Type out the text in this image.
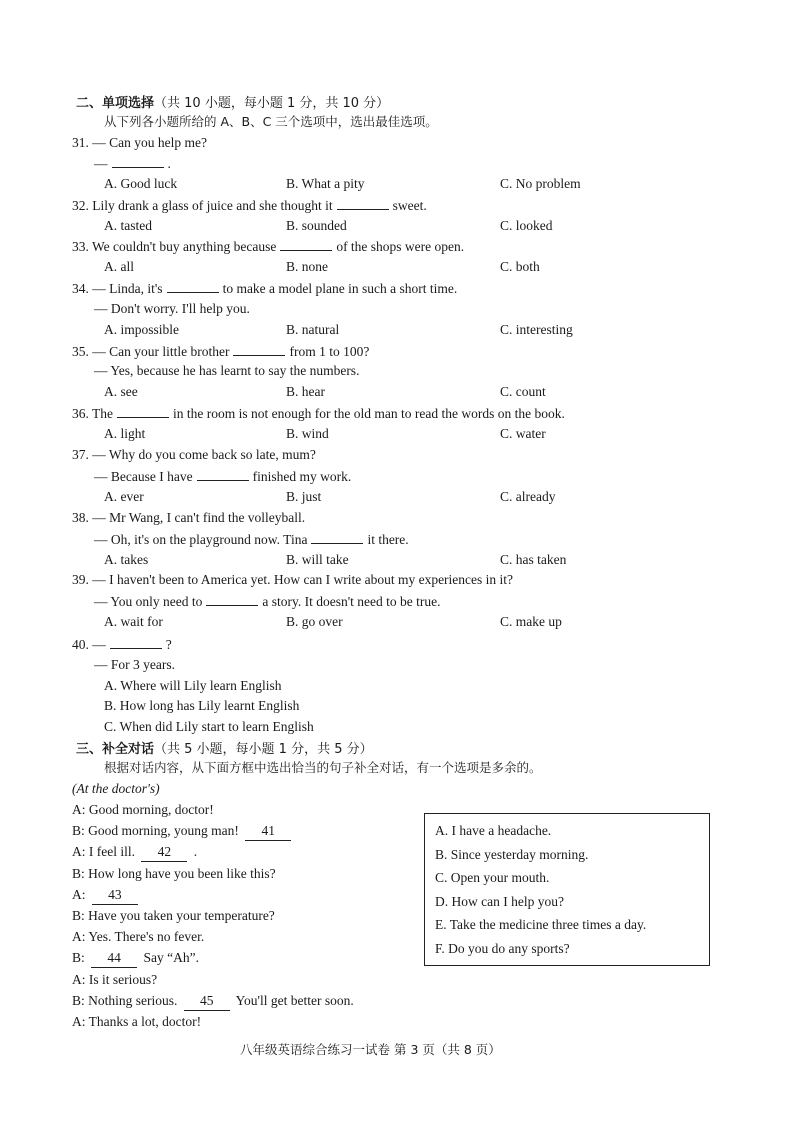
二、单项选择（共 10 小题，每小题 1 分，共 10 分）
从下列各小题所给的 A、B、C 三个选项中，选出最佳选项。
31. — Can you help me?
—	.
A. Good luck	B. What a pity	C. No problem
32. Lily drank a glass of juice and she thought it	sweet.
A. tasted	B. sounded	C. looked
33. We couldn't buy anything because	of the shops were open.
A. all	B. none	C. both
34. — Linda, it's	to make a model plane in such a short time.
— Don't worry. I'll help you.
A. impossible	B. natural	C. interesting
35. — Can your little brother	from 1 to 100?
— Yes, because he has learnt to say the numbers.
A. see	B. hear	C. count
36. The	in the room is not enough for the old man to read the words on the book.
A. light	B. wind	C. water
37. — Why do you come back so late, mum?
— Because I have	finished my work.
A. ever	B. just	C. already
38. — Mr Wang, I can't find the volleyball.
— Oh, it's on the playground now. Tina	it there.
A. takes	B. will take	C. has taken
39. — I haven't been to America yet. How can I write about my experiences in it?
— You only need to	a story. It doesn't need to be true.
A. wait for	B. go over	C. make up
40. —	?
— For 3 years.
A. Where will Lily learn English
B. How long has Lily learnt English
C. When did Lily start to learn English
三、补全对话（共 5 小题，每小题 1 分，共 5 分）
根据对话内容，从下面方框中选出恰当的句子补全对话，有一个选项是多余的。
(At the doctor's)
A: Good morning, doctor!
B: Good morning, young man! 41
A: I feel ill. 42 .
B: How long have you been like this?
A: 43
B: Have you taken your temperature?
A: Yes. There's no fever.
B: 44 Say “Ah”.
A: Is it serious?
B: Nothing serious. 45 You'll get better soon.
A: Thanks a lot, doctor!
A. I have a headache.
B. Since yesterday morning.
C. Open your mouth.
D. How can I help you?
E. Take the medicine three times a day.
F. Do you do any sports?
八年级英语综合练习一试卷 第 3 页（共 8 页）
